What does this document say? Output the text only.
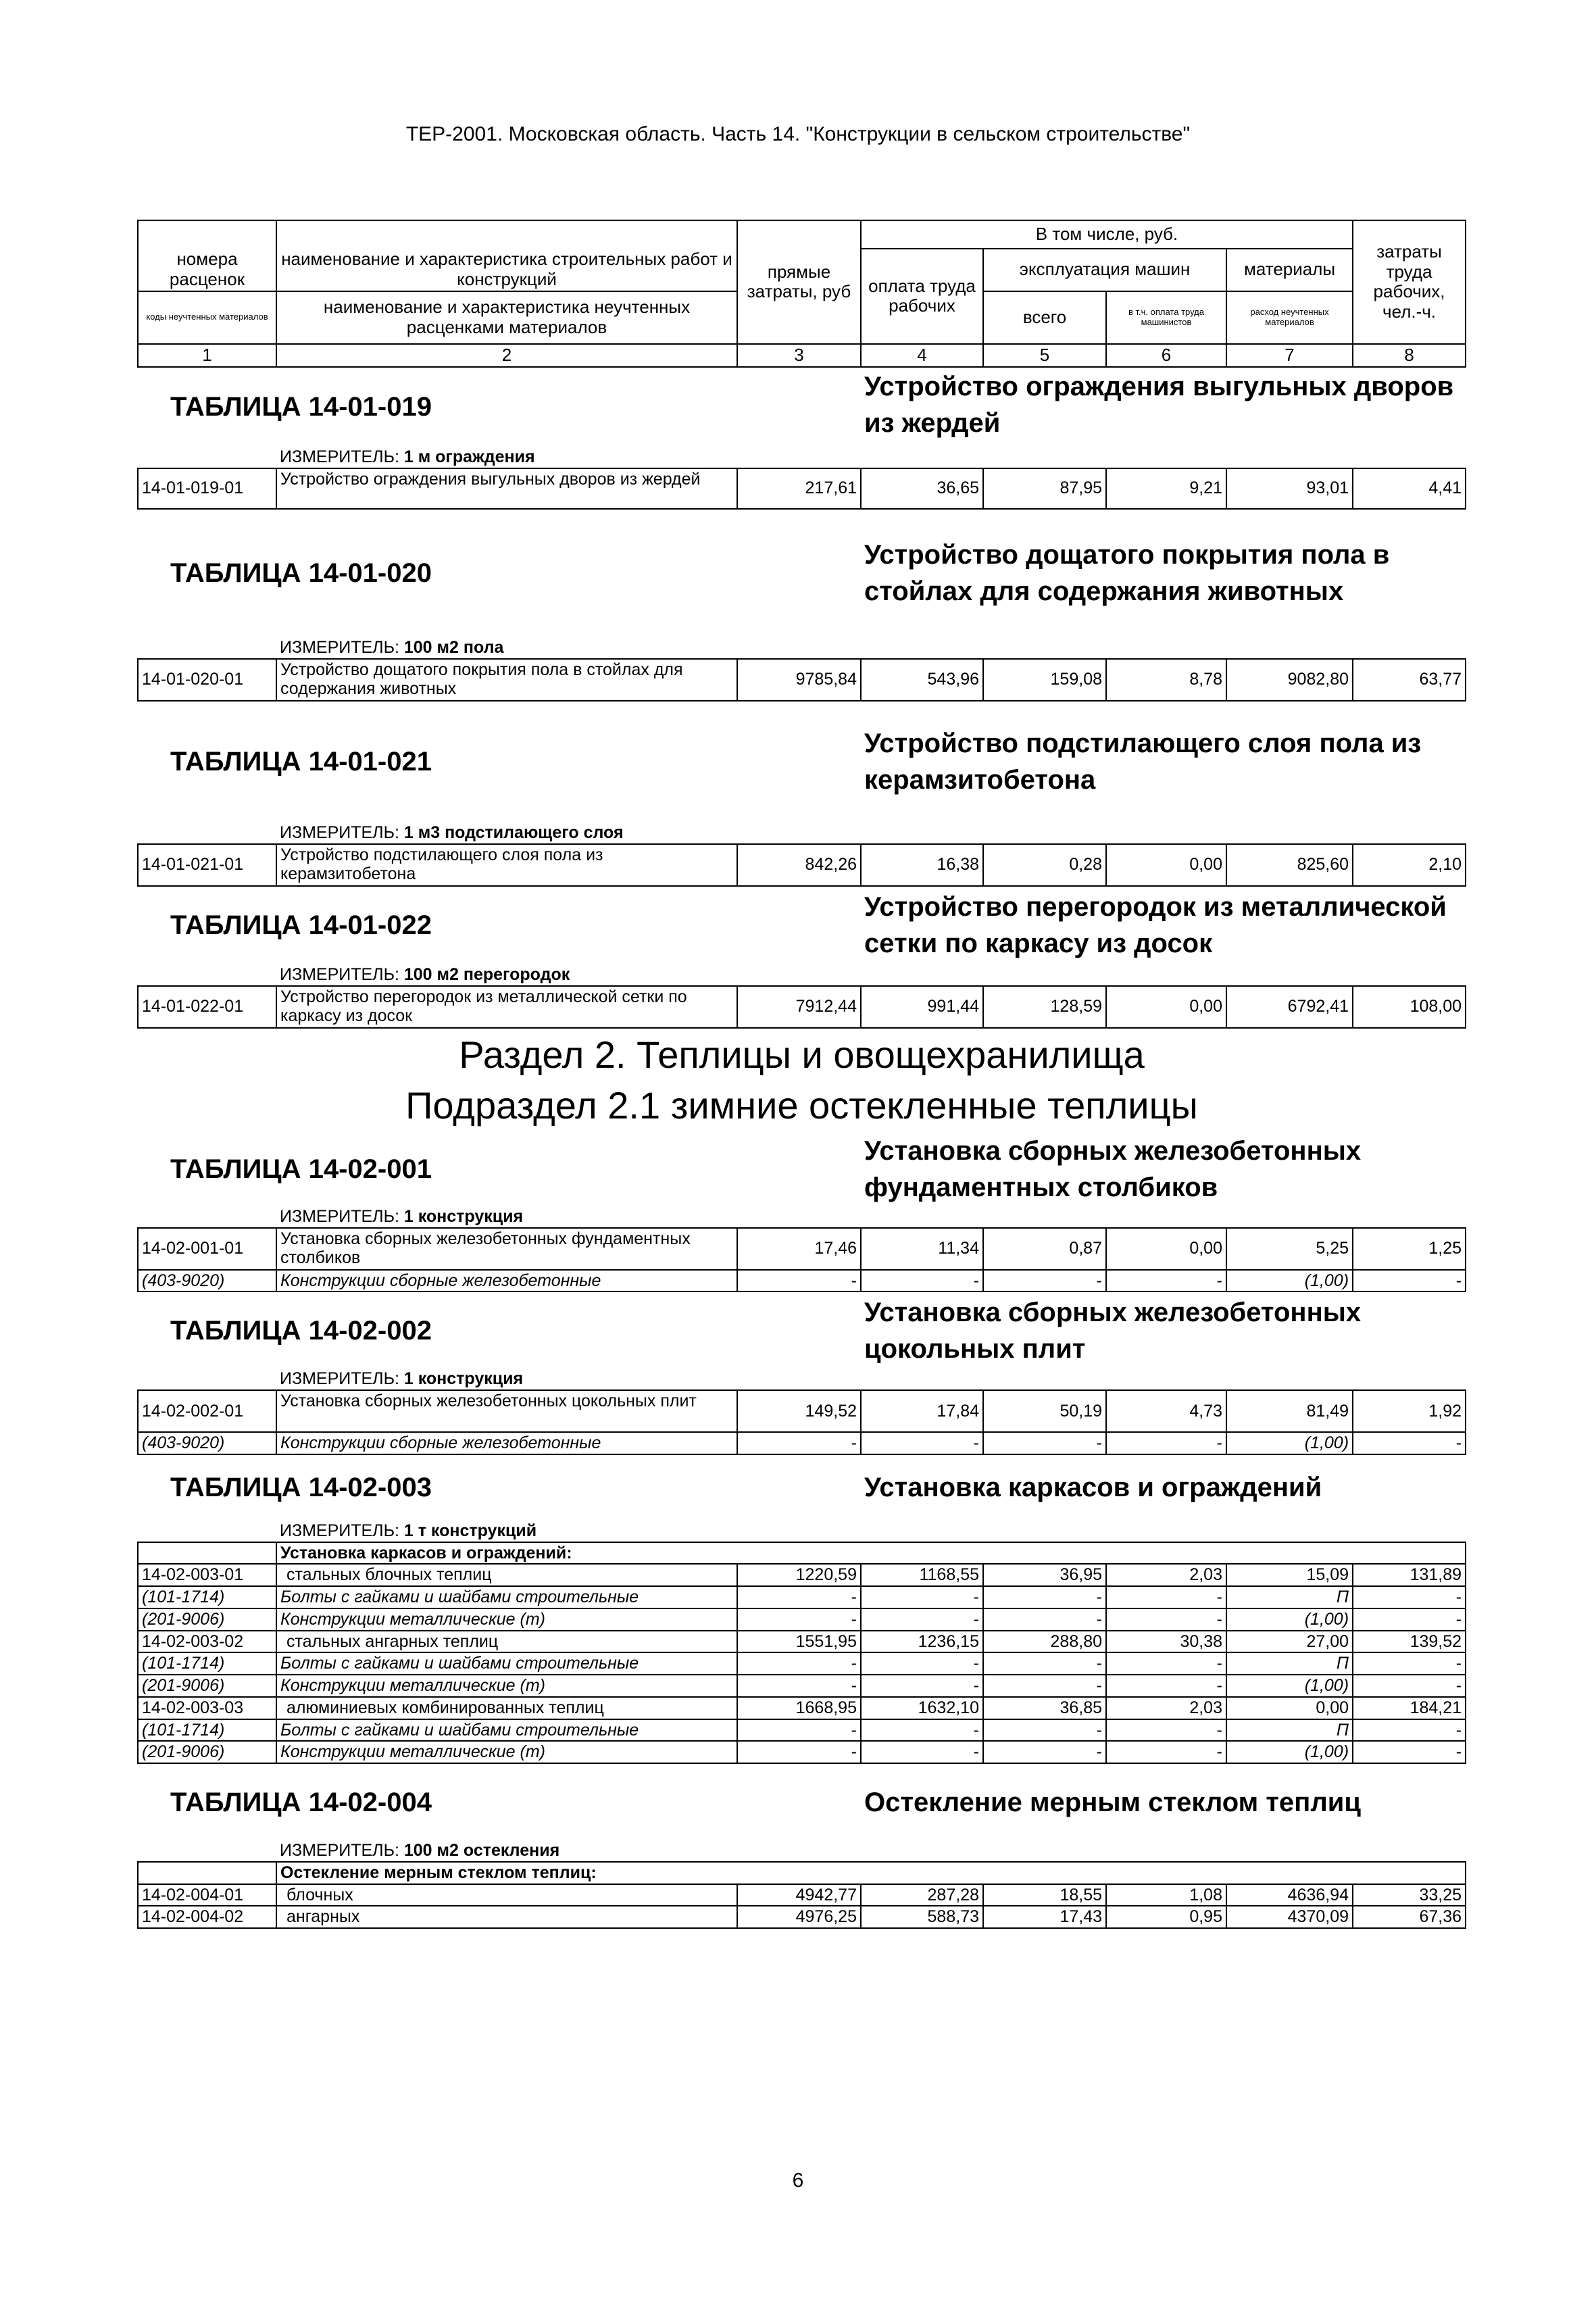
ТЕР-2001. Московская область. Часть 14. "Конструкции в сельском строительстве"
		прямые затраты, руб	В том числе, руб.				затраты труда рабочих, чел.-ч.
номера расценок	наименование и характеристика строительных работ и конструкций		оплата труда рабочих	эксплуатация машин		материалы	
коды неучтенных материалов	наименование и характеристика неучтенных расценками материалов			всего	в т.ч. оплата труда машинистов	расход неучтенных материалов	
1	2	3	4	5	6	7	8
ТАБЛИЦА 14-01-019			Устройство ограждения выгульных дворов из жердей				
	ИЗМЕРИТЕЛЬ: 1 м ограждения						
14-01-019-01	Устройство ограждения выгульных дворов из жердей	217,61	36,65	87,95	9,21	93,01	4,41
ТАБЛИЦА 14-01-020			Устройство дощатого покрытия пола в стойлах для содержания животных				
	ИЗМЕРИТЕЛЬ: 100 м2 пола						
14-01-020-01	Устройство дощатого покрытия пола в стойлах для содержания животных	9785,84	543,96	159,08	8,78	9082,80	63,77
ТАБЛИЦА 14-01-021			Устройство подстилающего слоя пола из керамзитобетона				
	ИЗМЕРИТЕЛЬ: 1 м3 подстилающего слоя						
14-01-021-01	Устройство подстилающего слоя пола из керамзитобетона	842,26	16,38	0,28	0,00	825,60	2,10
ТАБЛИЦА 14-01-022			Устройство перегородок из металлической сетки по каркасу из досок				
	ИЗМЕРИТЕЛЬ: 100 м2 перегородок						
14-01-022-01	Устройство перегородок из металлической сетки по каркасу из досок	7912,44	991,44	128,59	0,00	6792,41	108,00

Раздел 2. Теплицы и овощехранилища
Подраздел 2.1 зимние остекленные теплицы							

ТАБЛИЦА 14-02-001			Установка сборных железобетонных фундаментных столбиков				
	ИЗМЕРИТЕЛЬ: 1 конструкция						
14-02-001-01	Установка сборных железобетонных фундаментных столбиков	17,46	11,34	0,87	0,00	5,25	1,25
(403-9020)	Конструкции сборные железобетонные	-	-	-	-	(1,00)	-
ТАБЛИЦА 14-02-002			Установка сборных железобетонных цокольных плит				
	ИЗМЕРИТЕЛЬ: 1 конструкция						
14-02-002-01	Установка сборных железобетонных цокольных плит	149,52	17,84	50,19	4,73	81,49	1,92
(403-9020)	Конструкции сборные железобетонные	-	-	-	-	(1,00)	-
ТАБЛИЦА 14-02-003			Установка каркасов и ограждений				
	ИЗМЕРИТЕЛЬ: 1 т конструкций						
	Установка каркасов и ограждений:						
14-02-003-01	стальных блочных теплиц	1220,59	1168,55	36,95	2,03	15,09	131,89
(101-1714)	Болты с гайками и шайбами строительные	-	-	-	-	П	-
(201-9006)	Конструкции металлические (т)	-	-	-	-	(1,00)	-
14-02-003-02	стальных ангарных теплиц	1551,95	1236,15	288,80	30,38	27,00	139,52
(101-1714)	Болты с гайками и шайбами строительные	-	-	-	-	П	-
(201-9006)	Конструкции металлические (т)	-	-	-	-	(1,00)	-
14-02-003-03	алюминиевых комбинированных теплиц	1668,95	1632,10	36,85	2,03	0,00	184,21
(101-1714)	Болты с гайками и шайбами строительные	-	-	-	-	П	-
(201-9006)	Конструкции металлические (т)	-	-	-	-	(1,00)	-
ТАБЛИЦА 14-02-004			Остекление мерным стеклом теплиц				
	ИЗМЕРИТЕЛЬ: 100 м2 остекления						
	Остекление мерным стеклом теплиц:						
14-02-004-01	блочных	4942,77	287,28	18,55	1,08	4636,94	33,25
14-02-004-02	ангарных	4976,25	588,73	17,43	0,95	4370,09	67,36
6
